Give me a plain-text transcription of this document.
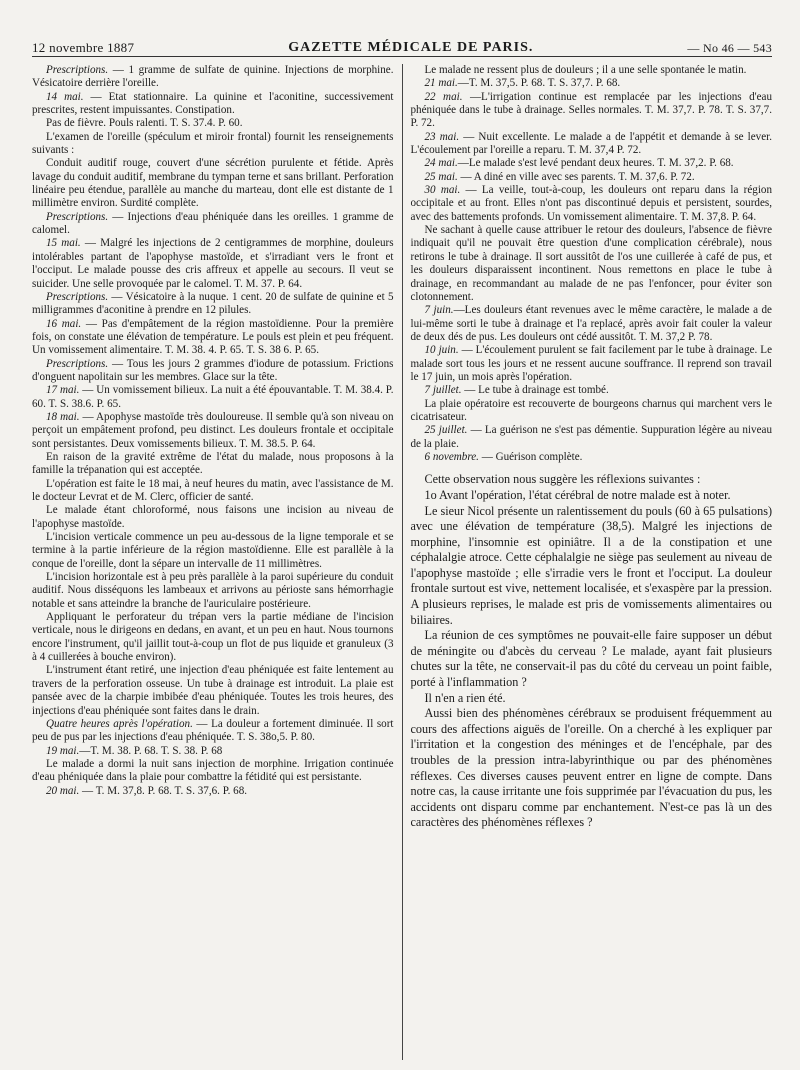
12 novembre 1887	GAZETTE MÉDICALE DE PARIS.	— No 46 — 543

Prescriptions. — 1 gramme de sulfate de quinine. Injections de morphine. Vésicatoire derrière l'oreille.

14 mai. — Etat stationnaire. La quinine et l'aconitine, successivement prescrites, restent impuissantes. Constipation.

Pas de fièvre. Pouls ralenti. T. S. 37.4. P. 60.

L'examen de l'oreille (spéculum et miroir frontal) fournit les renseignements suivants :

Conduit auditif rouge, couvert d'une sécrétion purulente et fétide. Après lavage du conduit auditif, membrane du tympan terne et sans brillant. Perforation linéaire peu étendue, parallèle au manche du marteau, dont elle est distante de 1 millimètre environ. Surdité complète.

Prescriptions. — Injections d'eau phéniquée dans les oreilles. 1 gramme de calomel.

15 mai. — Malgré les injections de 2 centigrammes de morphine, douleurs intolérables partant de l'apophyse mastoïde, et s'irradiant vers le front et l'occiput. Le malade pousse des cris affreux et appelle au secours. Il veut se suicider. Une selle provoquée par le calomel. T. M. 37. P. 64.

Prescriptions. — Vésicatoire à la nuque. 1 cent. 20 de sulfate de quinine et 5 milligrammes d'aconitine à prendre en 12 pilules.

16 mai. — Pas d'empâtement de la région mastoïdienne. Pour la première fois, on constate une élévation de température. Le pouls est plein et peu fréquent. Un vomissement alimentaire. T. M. 38. 4. P. 65. T. S. 38 6. P. 65.

Prescriptions. — Tous les jours 2 grammes d'iodure de potassium. Frictions d'onguent napolitain sur les membres. Glace sur la tête.

17 mai. — Un vomissement bilieux. La nuit a été épouvantable. T. M. 38.4. P. 60. T. S. 38.6. P. 65.

18 mai. — Apophyse mastoïde très douloureuse. Il semble qu'à son niveau on perçoit un empâtement profond, peu distinct. Les douleurs frontale et occipitale sont persistantes. Deux vomissements bilieux. T. M. 38.5. P. 64.

En raison de la gravité extrême de l'état du malade, nous proposons à la famille la trépanation qui est acceptée.

L'opération est faite le 18 mai, à neuf heures du matin, avec l'assistance de M. le docteur Levrat et de M. Clerc, officier de santé.

Le malade étant chloroformé, nous faisons une incision au niveau de l'apophyse mastoïde.

L'incision verticale commence un peu au-dessous de la ligne temporale et se termine à la partie inférieure de la région mastoïdienne. Elle est parallèle à la conque de l'oreille, dont la sépare un intervalle de 11 millimètres.

L'incision horizontale est à peu près parallèle à la paroi supérieure du conduit auditif. Nous disséquons les lambeaux et arrivons au périoste sans hémorrhagie notable et sans atteindre la branche de l'auriculaire postérieure.

Appliquant le perforateur du trépan vers la partie médiane de l'incision verticale, nous le dirigeons en dedans, en avant, et un peu en haut. Nous tournons encore l'instrument, qu'il jaillit tout-à-coup un flot de pus liquide et granuleux (3 à 4 cuillerées à bouche environ).

L'instrument étant retiré, une injection d'eau phéniquée est faite lentement au travers de la perforation osseuse. Un tube à drainage est introduit. La plaie est pansée avec de la charpie imbibée d'eau phéniquée. Toutes les trois heures, des injections d'eau phéniquée sont faites dans le drain.

Quatre heures après l'opération. — La douleur a fortement diminuée. Il sort peu de pus par les injections d'eau phéniquée. T. S. 38o,5. P. 80.

19 mai.—T. M. 38. P. 68. T. S. 38. P. 68

Le malade a dormi la nuit sans injection de morphine. Irrigation continuée d'eau phéniquée dans la plaie pour combattre la fétidité qui est persistante.

20 mai. — T. M. 37,8. P. 68. T. S. 37,6. P. 68.

Le malade ne ressent plus de douleurs ; il a une selle spontanée le matin.

21 mai.—T. M. 37,5. P. 68. T. S. 37,7. P. 68.

22 mai. —L'irrigation continue est remplacée par les injections d'eau phéniquée dans le tube à drainage. Selles normales. T. M. 37,7. P. 78. T. S. 37,7. P. 72.

23 mai. — Nuit excellente. Le malade a de l'appétit et demande à se lever. L'écoulement par l'oreille a reparu. T. M. 37,4 P. 72.

24 mai.—Le malade s'est levé pendant deux heures. T. M. 37,2. P. 68.

25 mai. — A diné en ville avec ses parents. T. M. 37,6. P. 72.

30 mai. — La veille, tout-à-coup, les douleurs ont reparu dans la région occipitale et au front. Elles n'ont pas discontinué depuis et persistent, sourdes, avec des battements profonds. Un vomissement alimentaire. T. M. 37,8. P. 64.

Ne sachant à quelle cause attribuer le retour des douleurs, l'absence de fièvre indiquait qu'il ne pouvait être question d'une complication cérébrale), nous retirons le tube à drainage. Il sort aussitôt de l'os une cuillerée à café de pus, et les douleurs disparaissent incontinent. Nous remettons en place le tube à drainage, en recommandant au malade de ne pas l'enfoncer, pour éviter son clotonnement.

7 juin.—Les douleurs étant revenues avec le même caractère, le malade a de lui-même sorti le tube à drainage et l'a replacé, après avoir fait couler la valeur de deux dés de pus. Les douleurs ont cédé aussitôt. T. M. 37,2 P. 78.

10 juin. — L'écoulement purulent se fait facilement par le tube à drainage. Le malade sort tous les jours et ne ressent aucune souffrance. Il reprend son travail le 17 juin, un mois après l'opération.

7 juillet. — Le tube à drainage est tombé.

La plaie opératoire est recouverte de bourgeons charnus qui marchent vers le cicatrisateur.

25 juillet. — La guérison ne s'est pas démentie. Suppuration légère au niveau de la plaie.

6 novembre. — Guérison complète.

Cette observation nous suggère les réflexions suivantes :

1o Avant l'opération, l'état cérébral de notre malade est à noter.

Le sieur Nicol présente un ralentissement du pouls (60 à 65 pulsations) avec une élévation de température (38,5). Malgré les injections de morphine, l'insomnie est opiniâtre. Il a de la constipation et une céphalalgie atroce. Cette céphalalgie ne siège pas seulement au niveau de l'apophyse mastoïde ; elle s'irradie vers le front et l'occiput. La douleur frontale surtout est vive, nettement localisée, et s'exaspère par la pression. A plusieurs reprises, le malade est pris de vomissements alimentaires ou biliaires.

La réunion de ces symptômes ne pouvait-elle faire supposer un début de méningite ou d'abcès du cerveau ? Le malade, ayant fait plusieurs chutes sur la tête, ne conservait-il pas du côté du cerveau un point faible, porté à l'inflammation ?

Il n'en a rien été.

Aussi bien des phénomènes cérébraux se produisent fréquemment au cours des affections aiguës de l'oreille. On a cherché à les expliquer par l'irritation et la congestion des méninges et de l'encéphale, par des troubles de la pression intra-labyrinthique ou par des phénomènes réflexes. Ces diverses causes peuvent entrer en ligne de compte. Dans notre cas, la cause irritante une fois supprimée par l'évacuation du pus, les accidents ont disparu comme par enchantement. N'est-ce pas là un des caractères des phénomènes réflexes ?
